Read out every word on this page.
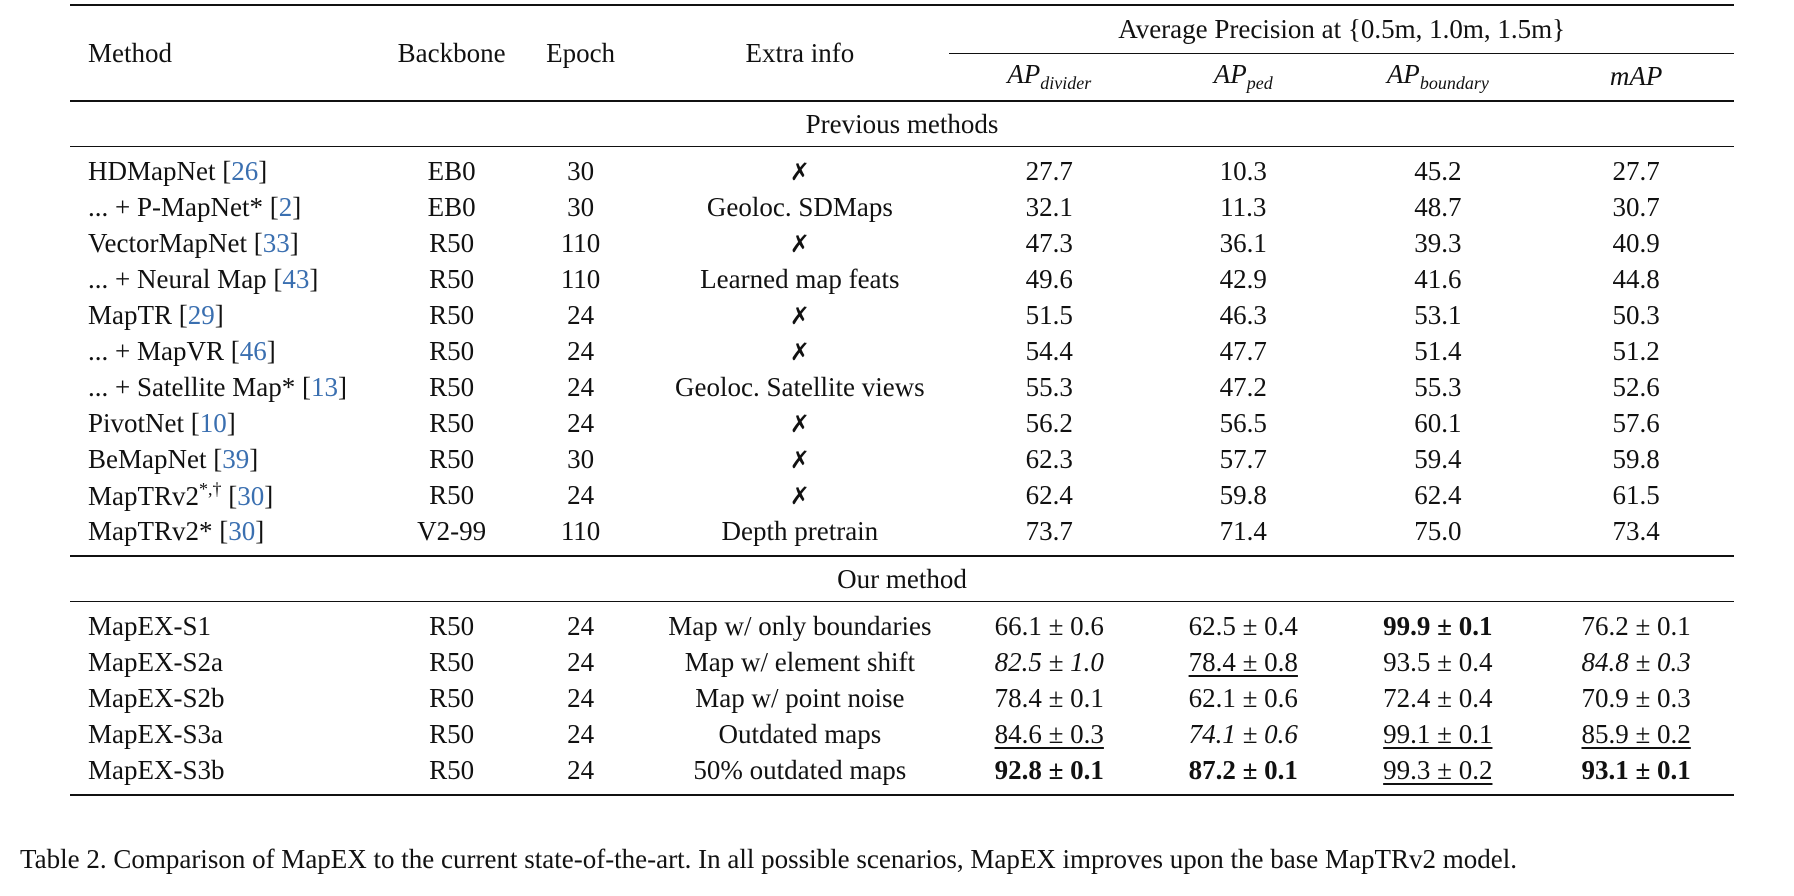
Method	Backbone	Epoch	Extra info	Average Precision at {0.5m, 1.0m, 1.5m}			
				$AP_{divider}$	$AP_{ped}$	$AP_{boundary}$	mAP
Previous methods							

HDMapNet [26]	EB0	30	✗	27.7	10.3	45.2	27.7
... + P-MapNet* [2]	EB0	30	Geoloc. SDMaps	32.1	11.3	48.7	30.7
VectorMapNet [33]	R50	110	✗	47.3	36.1	39.3	40.9
... + Neural Map [43]	R50	110	Learned map feats	49.6	42.9	41.6	44.8
MapTR [29]	R50	24	✗	51.5	46.3	53.1	50.3
... + MapVR [46]	R50	24	✗	54.4	47.7	51.4	51.2
... + Satellite Map* [13]	R50	24	Geoloc. Satellite views	55.3	47.2	55.3	52.6
PivotNet [10]	R50	24	✗	56.2	56.5	60.1	57.6
BeMapNet [39]	R50	30	✗	62.3	57.7	59.4	59.8
MapTRv2*,† [30]	R50	24	✗	62.4	59.8	62.4	61.5
MapTRv2* [30]	V2-99	110	Depth pretrain	73.7	71.4	75.0	73.4
Our method							

MapEX-S1	R50	24	Map w/ only boundaries	66.1 ± 0.6	62.5 ± 0.4	99.9 ± 0.1	76.2 ± 0.1
MapEX-S2a	R50	24	Map w/ element shift	82.5 ± 1.0	78.4 ± 0.8	93.5 ± 0.4	84.8 ± 0.3
MapEX-S2b	R50	24	Map w/ point noise	78.4 ± 0.1	62.1 ± 0.6	72.4 ± 0.4	70.9 ± 0.3
MapEX-S3a	R50	24	Outdated maps	84.6 ± 0.3	74.1 ± 0.6	99.1 ± 0.1	85.9 ± 0.2
MapEX-S3b	R50	24	50% outdated maps	92.8 ± 0.1	87.2 ± 0.1	99.3 ± 0.2	93.1 ± 0.1
Table 2. Comparison of MapEX to the current state-of-the-art. In all possible scenarios, MapEX improves upon the base MapTRv2 model.
